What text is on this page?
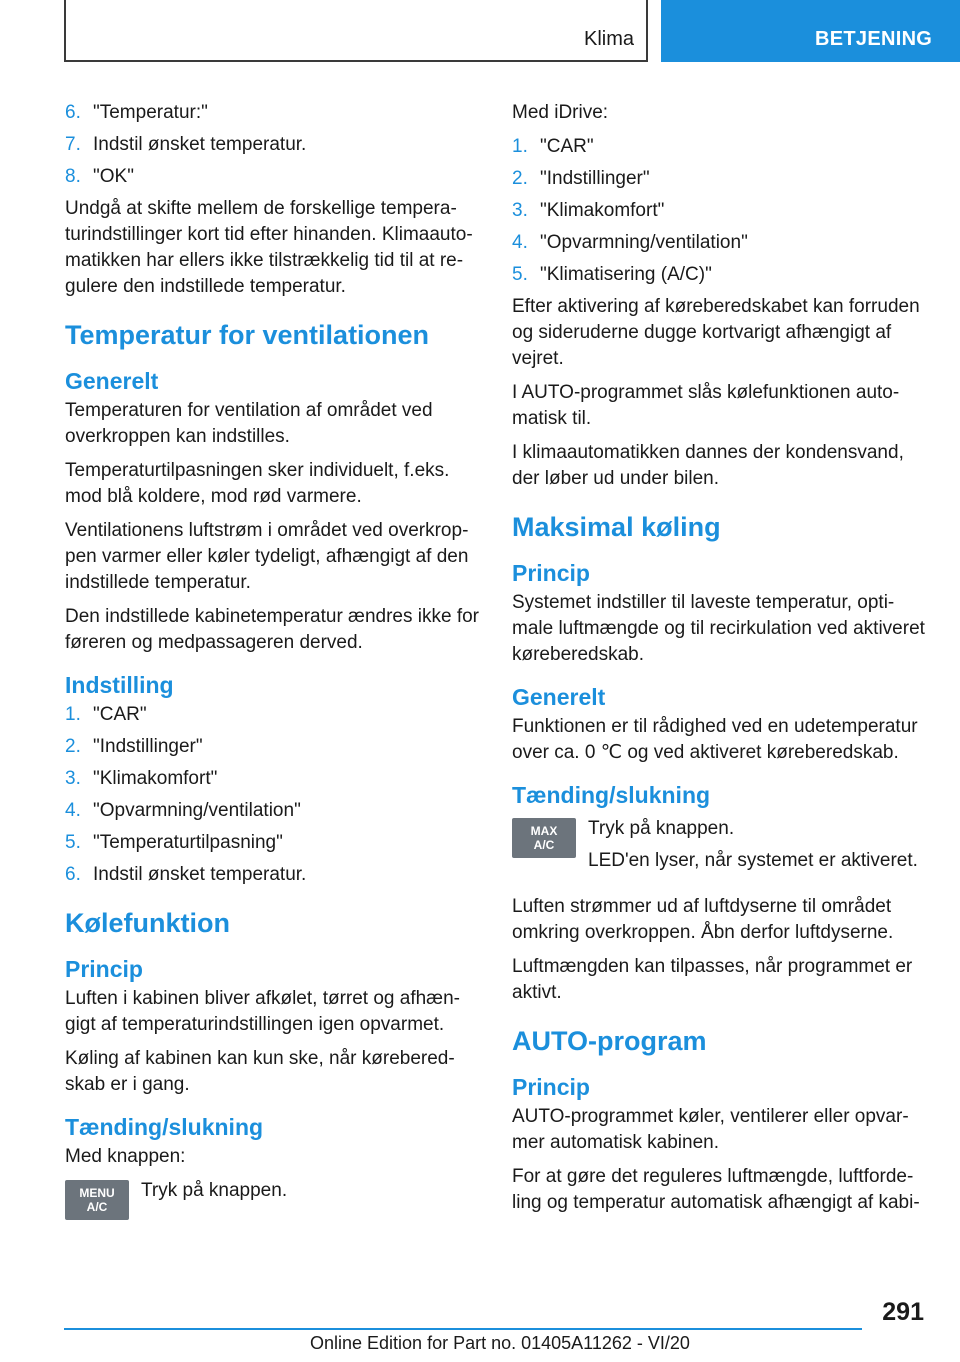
Klima	BETJENING
6. "Temperatur:"
7. Indstil ønsket temperatur.
8. "OK"

Undgå at skifte mellem de forskellige tempera-turindstillinger kort tid efter hinanden. Klimaauto-matikken har ellers ikke tilstrækkelig tid til at re-gulere den indstillede temperatur.

Temperatur for ventilationen
Generelt

Temperaturen for ventilation af området ved overkroppen kan indstilles.

Temperaturtilpasningen sker individuelt, f.eks. mod blå koldere, mod rød varmere.

Ventilationens luftstrøm i området ved overkrop-pen varmer eller køler tydeligt, afhængigt af den indstillede temperatur.

Den indstillede kabinetemperatur ændres ikke for føreren og medpassageren derved.

Indstilling
1. "CAR"
2. "Indstillinger"
3. "Klimakomfort"
4. "Opvarmning/ventilation"
5. "Temperaturtilpasning"
6. Indstil ønsket temperatur.
Kølefunktion
Princip

Luften i kabinen bliver afkølet, tørret og afhæn-gigt af temperaturindstillingen igen opvarmet.

Køling af kabinen kan kun ske, når kørebered-skab er i gang.

Tænding/slukning

Med knappen:

MENU
A/C

Tryk på knappen.

Med iDrive:

1. "CAR"
2. "Indstillinger"
3. "Klimakomfort"
4. "Opvarmning/ventilation"
5. "Klimatisering (A/C)"

Efter aktivering af køreberedskabet kan forruden og sideruderne dugge kortvarigt afhængigt af vejret.

I AUTO-programmet slås kølefunktionen auto-matisk til.

I klimaautomatikken dannes der kondensvand, der løber ud under bilen.

Maksimal køling
Princip

Systemet indstiller til laveste temperatur, opti-male luftmængde og til recirkulation ved aktiveret køreberedskab.

Generelt

Funktionen er til rådighed ved en udetemperatur over ca. 0 ℃ og ved aktiveret køreberedskab.

Tænding/slukning
MAX
A/C

Tryk på knappen.

LED'en lyser, når systemet er aktiveret.

Luften strømmer ud af luftdyserne til området omkring overkroppen. Åbn derfor luftdyserne.

Luftmængden kan tilpasses, når programmet er aktivt.

AUTO-program
Princip

AUTO-programmet køler, ventilerer eller opvar-mer automatisk kabinen.

For at gøre det reguleres luftmængde, luftforde-ling og temperatur automatisk afhængigt af kabi-

291
Online Edition for Part no. 01405A11262 - VI/20
